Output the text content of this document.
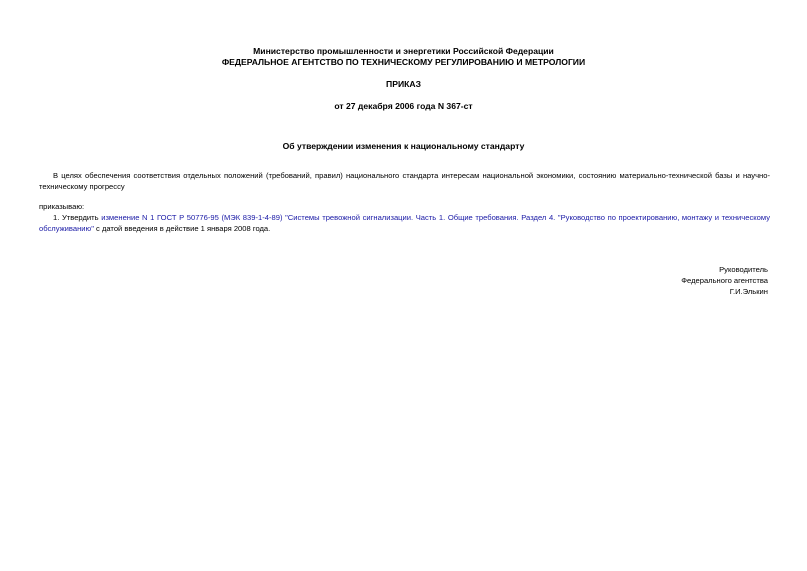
Министерство промышленности и энергетики Российской Федерации
ФЕДЕРАЛЬНОЕ АГЕНТСТВО ПО ТЕХНИЧЕСКОМУ РЕГУЛИРОВАНИЮ И МЕТРОЛОГИИ
ПРИКАЗ
от 27 декабря 2006 года N 367-ст
Об утверждении изменения к национальному стандарту
В целях обеспечения соответствия отдельных положений (требований, правил) национального стандарта интересам национальной экономики, состоянию материально-технической базы и научно-техническому прогрессу
приказываю:
1. Утвердить изменение N 1 ГОСТ Р 50776-95 (МЭК 839-1-4-89) "Системы тревожной сигнализации. Часть 1. Общие требования. Раздел 4. "Руководство по проектированию, монтажу и техническому обслуживанию" с датой введения в действие 1 января 2008 года.
Руководитель
Федерального агентства
Г.И.Элькин
